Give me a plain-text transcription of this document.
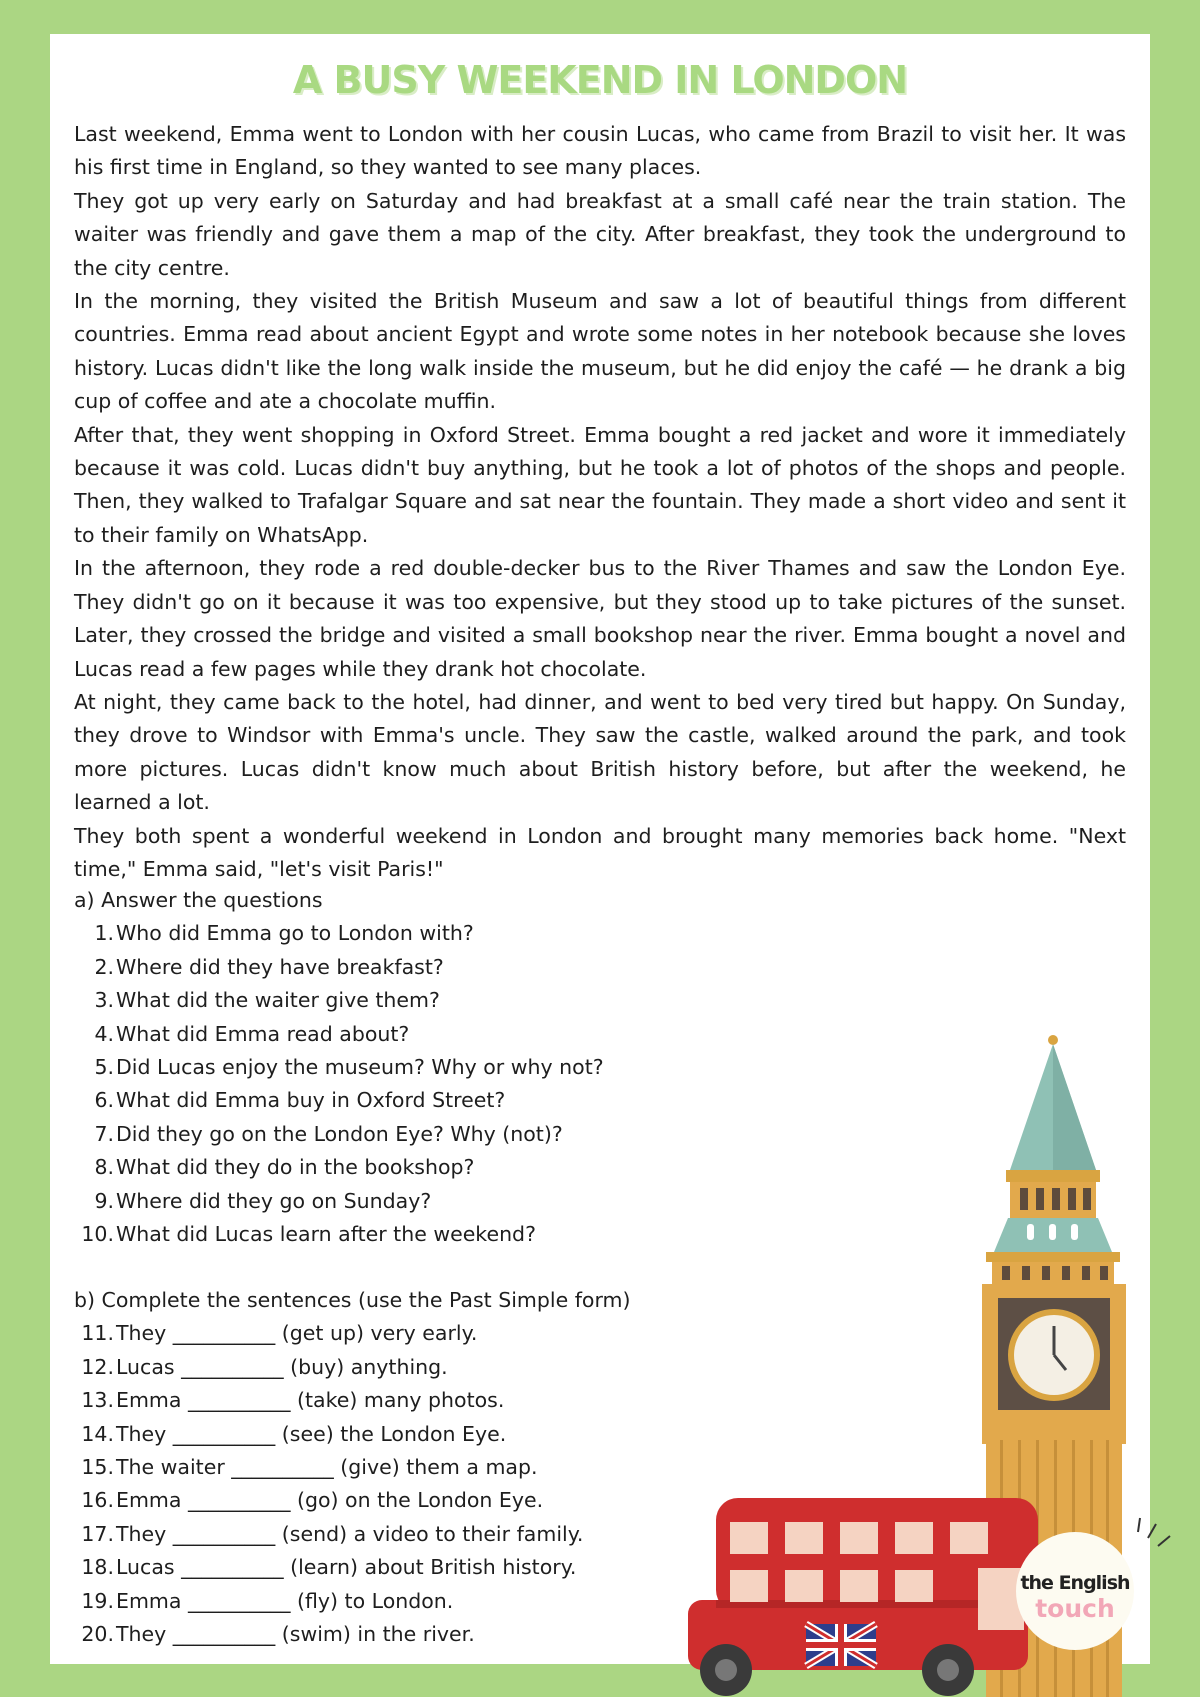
A BUSY WEEKEND IN LONDON

Last weekend, Emma went to London with her cousin Lucas, who came from Brazil to visit her. It was his first time in England, so they wanted to see many places.

They got up very early on Saturday and had breakfast at a small café near the train station. The waiter was friendly and gave them a map of the city. After breakfast, they took the underground to the city centre.

In the morning, they visited the British Museum and saw a lot of beautiful things from different countries. Emma read about ancient Egypt and wrote some notes in her notebook because she loves history. Lucas didn't like the long walk inside the museum, but he did enjoy the café — he drank a big cup of coffee and ate a chocolate muffin.

After that, they went shopping in Oxford Street. Emma bought a red jacket and wore it immediately because it was cold. Lucas didn't buy anything, but he took a lot of photos of the shops and people. Then, they walked to Trafalgar Square and sat near the fountain. They made a short video and sent it to their family on WhatsApp.

In the afternoon, they rode a red double-decker bus to the River Thames and saw the London Eye. They didn't go on it because it was too expensive, but they stood up to take pictures of the sunset. Later, they crossed the bridge and visited a small bookshop near the river. Emma bought a novel and Lucas read a few pages while they drank hot chocolate.

At night, they came back to the hotel, had dinner, and went to bed very tired but happy. On Sunday, they drove to Windsor with Emma's uncle. They saw the castle, walked around the park, and took more pictures. Lucas didn't know much about British history before, but after the weekend, he learned a lot.

They both spent a wonderful weekend in London and brought many memories back home. "Next time," Emma said, "let's visit Paris!"

a) Answer the questions
1. Who did Emma go to London with?
2. Where did they have breakfast?
3. What did the waiter give them?
4. What did Emma read about?
5. Did Lucas enjoy the museum? Why or why not?
6. What did Emma buy in Oxford Street?
7. Did they go on the London Eye? Why (not)?
8. What did they do in the bookshop?
9. Where did they go on Sunday?
10. What did Lucas learn after the weekend?
b) Complete the sentences (use the Past Simple form)
11. They __________ (get up) very early.
12. Lucas __________ (buy) anything.
13. Emma __________ (take) many photos.
14. They __________ (see) the London Eye.
15. The waiter __________ (give) them a map.
16. Emma __________ (go) on the London Eye.
17. They __________ (send) a video to their family.
18. Lucas __________ (learn) about British history.
19. Emma __________ (fly) to London.
20. They __________ (swim) in the river.
the English
touch
